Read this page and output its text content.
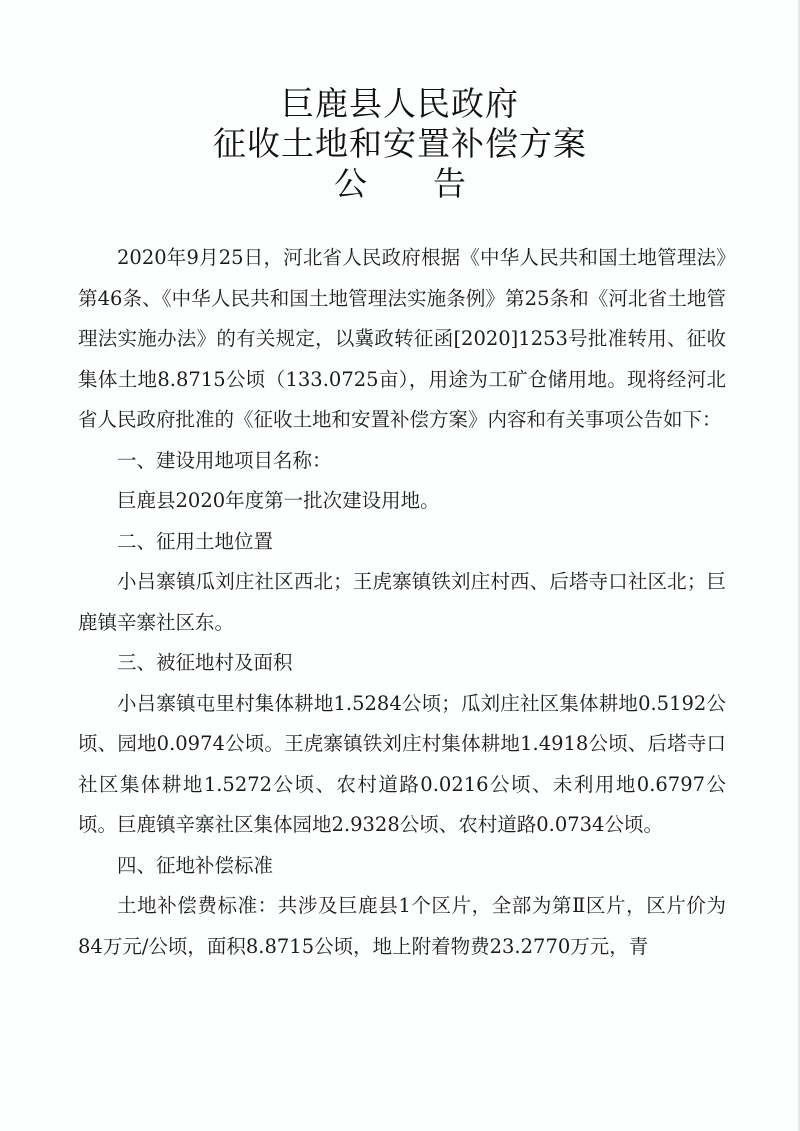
巨鹿县人民政府
征收土地和安置补偿方案
公 告

2020年9月25日，河北省人民政府根据《中华人民共和国土地管理法》第46条、《中华人民共和国土地管理法实施条例》第25条和《河北省土地管理法实施办法》的有关规定，以冀政转征函[2020]1253号批准转用、征收集体土地8.8715公顷（133.0725亩），用途为工矿仓储用地。现将经河北省人民政府批准的《征收土地和安置补偿方案》内容和有关事项公告如下：

一、建设用地项目名称：

巨鹿县2020年度第一批次建设用地。

二、征用土地位置

小吕寨镇瓜刘庄社区西北；王虎寨镇铁刘庄村西、后塔寺口社区北；巨鹿镇辛寨社区东。

三、被征地村及面积

小吕寨镇屯里村集体耕地1.5284公顷；瓜刘庄社区集体耕地0.5192公顷、园地0.0974公顷。王虎寨镇铁刘庄村集体耕地1.4918公顷、后塔寺口社区集体耕地1.5272公顷、农村道路0.0216公顷、未利用地0.6797公顷。巨鹿镇辛寨社区集体园地2.9328公顷、农村道路0.0734公顷。

四、征地补偿标准

土地补偿费标准：共涉及巨鹿县1个区片，全部为第Ⅱ区片，区片价为84万元/公顷，面积8.8715公顷，地上附着物费23.2770万元，青
